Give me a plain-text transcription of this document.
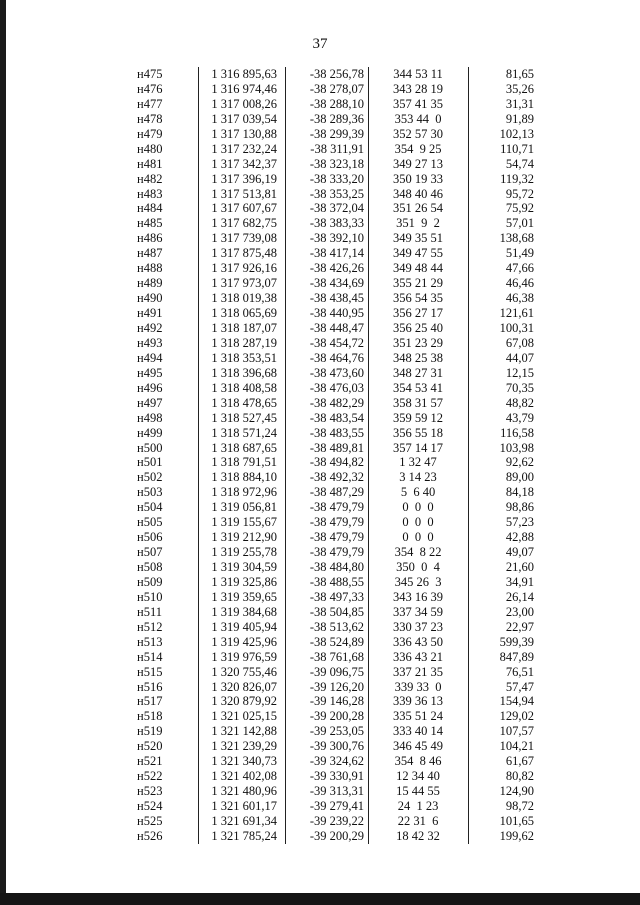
37
н475	1 316 895,63	-38 256,78	344 53 11	81,65
н476	1 316 974,46	-38 278,07	343 28 19	35,26
н477	1 317 008,26	-38 288,10	357 41 35	31,31
н478	1 317 039,54	-38 289,36	353 44  0	91,89
н479	1 317 130,88	-38 299,39	352 57 30	102,13
н480	1 317 232,24	-38 311,91	354  9 25	110,71
н481	1 317 342,37	-38 323,18	349 27 13	54,74
н482	1 317 396,19	-38 333,20	350 19 33	119,32
н483	1 317 513,81	-38 353,25	348 40 46	95,72
н484	1 317 607,67	-38 372,04	351 26 54	75,92
н485	1 317 682,75	-38 383,33	351  9  2	57,01
н486	1 317 739,08	-38 392,10	349 35 51	138,68
н487	1 317 875,48	-38 417,14	349 47 55	51,49
н488	1 317 926,16	-38 426,26	349 48 44	47,66
н489	1 317 973,07	-38 434,69	355 21 29	46,46
н490	1 318 019,38	-38 438,45	356 54 35	46,38
н491	1 318 065,69	-38 440,95	356 27 17	121,61
н492	1 318 187,07	-38 448,47	356 25 40	100,31
н493	1 318 287,19	-38 454,72	351 23 29	67,08
н494	1 318 353,51	-38 464,76	348 25 38	44,07
н495	1 318 396,68	-38 473,60	348 27 31	12,15
н496	1 318 408,58	-38 476,03	354 53 41	70,35
н497	1 318 478,65	-38 482,29	358 31 57	48,82
н498	1 318 527,45	-38 483,54	359 59 12	43,79
н499	1 318 571,24	-38 483,55	356 55 18	116,58
н500	1 318 687,65	-38 489,81	357 14 17	103,98
н501	1 318 791,51	-38 494,82	1 32 47	92,62
н502	1 318 884,10	-38 492,32	3 14 23	89,00
н503	1 318 972,96	-38 487,29	5  6 40	84,18
н504	1 319 056,81	-38 479,79	0  0  0	98,86
н505	1 319 155,67	-38 479,79	0  0  0	57,23
н506	1 319 212,90	-38 479,79	0  0  0	42,88
н507	1 319 255,78	-38 479,79	354  8 22	49,07
н508	1 319 304,59	-38 484,80	350  0  4	21,60
н509	1 319 325,86	-38 488,55	345 26  3	34,91
н510	1 319 359,65	-38 497,33	343 16 39	26,14
н511	1 319 384,68	-38 504,85	337 34 59	23,00
н512	1 319 405,94	-38 513,62	330 37 23	22,97
н513	1 319 425,96	-38 524,89	336 43 50	599,39
н514	1 319 976,59	-38 761,68	336 43 21	847,89
н515	1 320 755,46	-39 096,75	337 21 35	76,51
н516	1 320 826,07	-39 126,20	339 33  0	57,47
н517	1 320 879,92	-39 146,28	339 36 13	154,94
н518	1 321 025,15	-39 200,28	335 51 24	129,02
н519	1 321 142,88	-39 253,05	333 40 14	107,57
н520	1 321 239,29	-39 300,76	346 45 49	104,21
н521	1 321 340,73	-39 324,62	354  8 46	61,67
н522	1 321 402,08	-39 330,91	12 34 40	80,82
н523	1 321 480,96	-39 313,31	15 44 55	124,90
н524	1 321 601,17	-39 279,41	24  1 23	98,72
н525	1 321 691,34	-39 239,22	22 31  6	101,65
н526	1 321 785,24	-39 200,29	18 42 32	199,62
